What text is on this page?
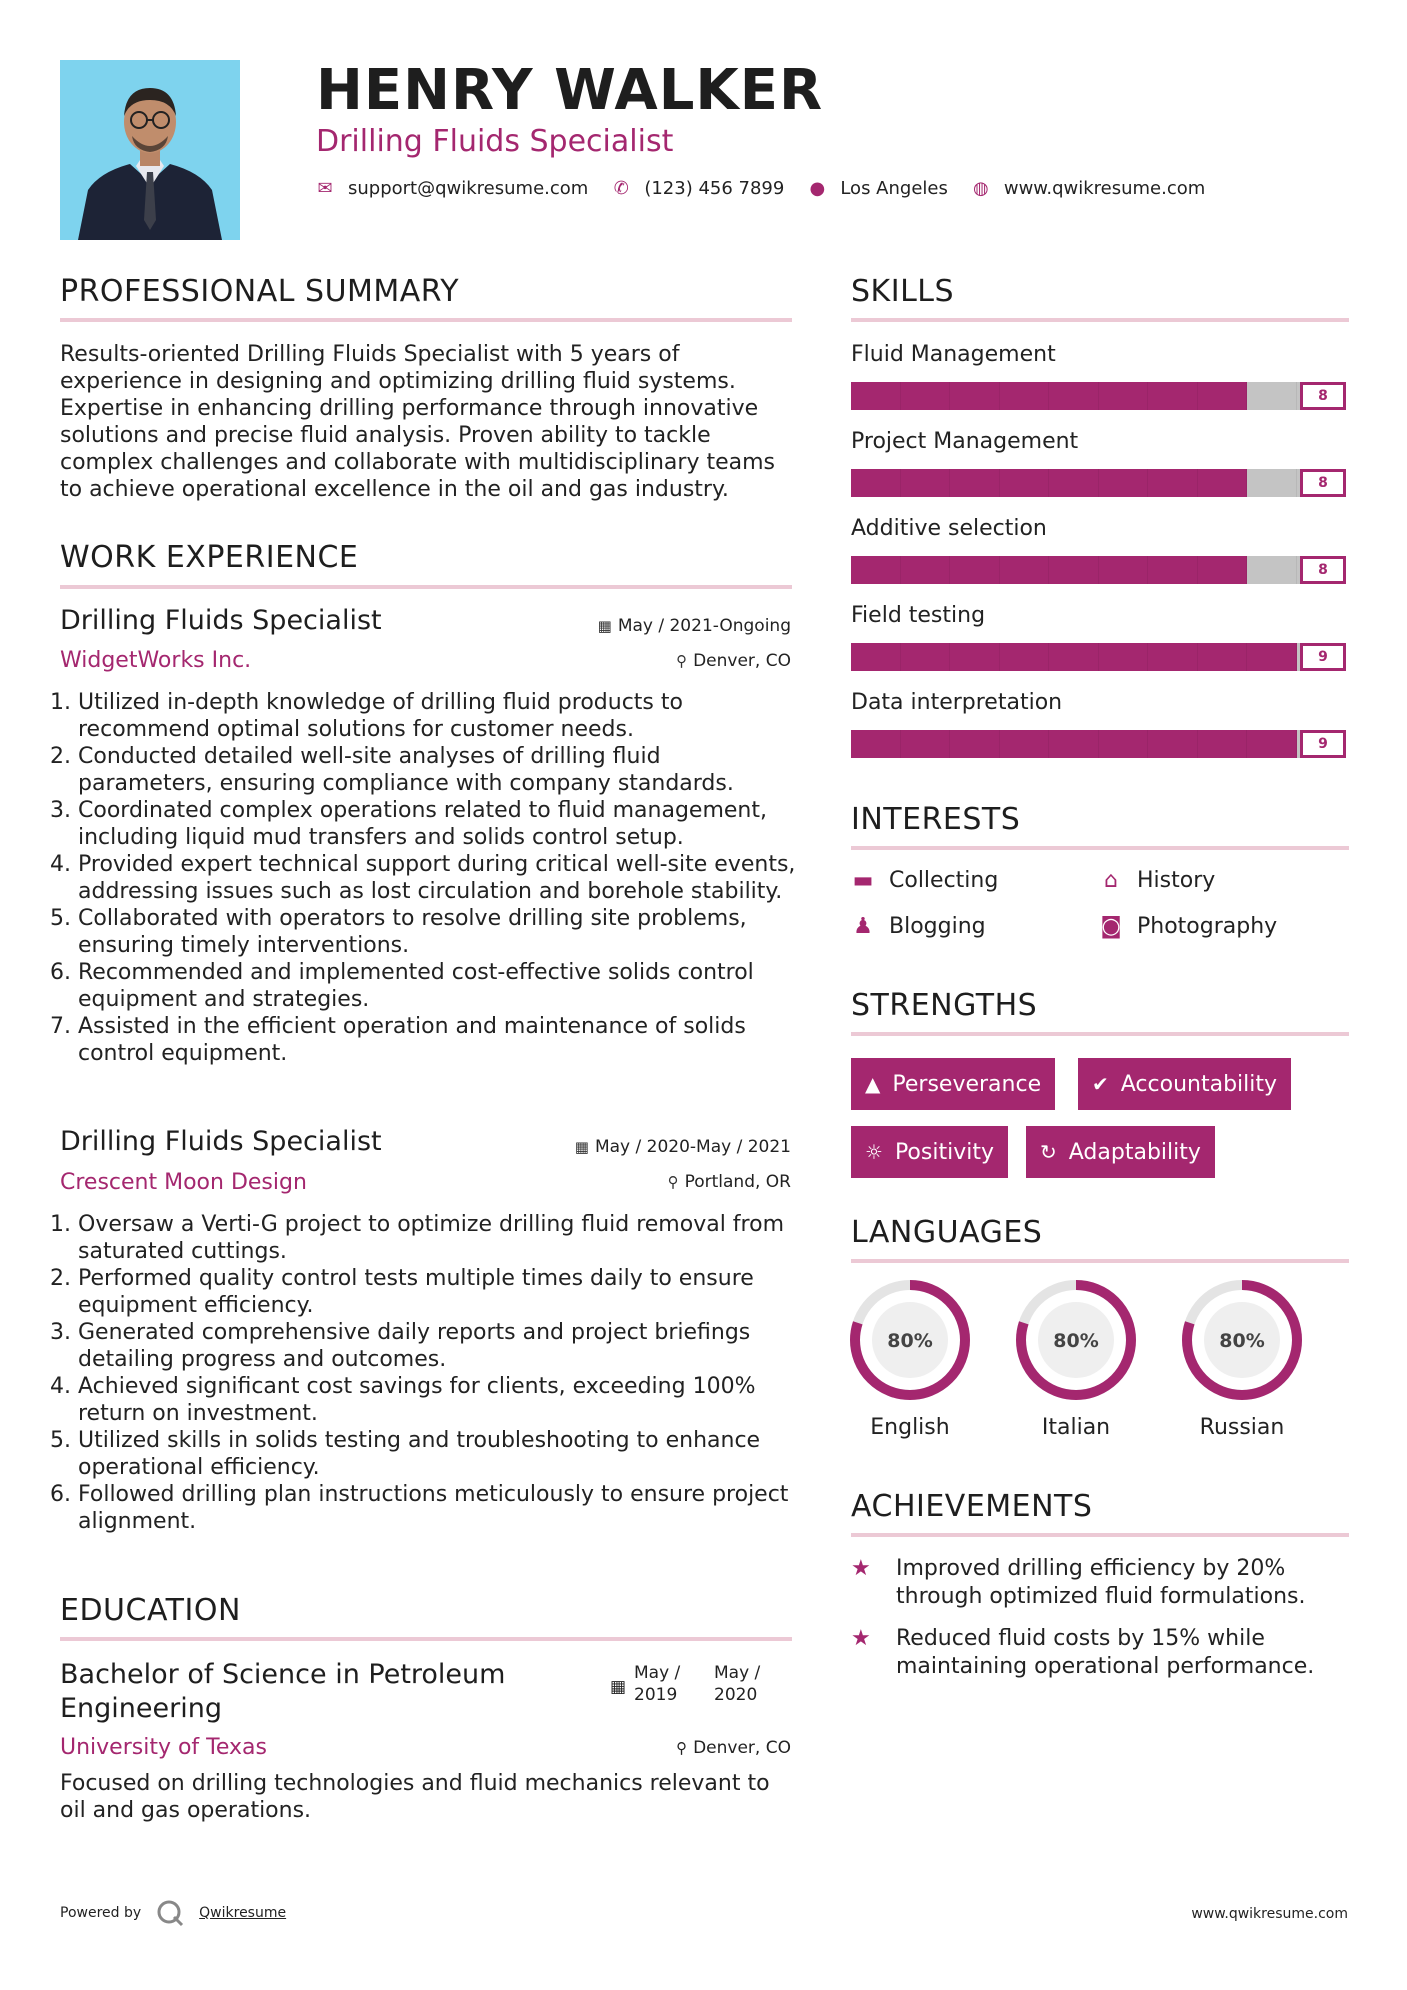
HENRY WALKER
Drilling Fluids Specialist
✉ support@qwikresume.com ✆ (123) 456 7899 ● Los Angeles ◍ www.qwikresume.com
PROFESSIONAL SUMMARY
Results-oriented Drilling Fluids Specialist with 5 years of experience in designing and optimizing drilling fluid systems. Expertise in enhancing drilling performance through innovative solutions and precise fluid analysis. Proven ability to tackle complex challenges and collaborate with multidisciplinary teams to achieve operational excellence in the oil and gas industry.
WORK EXPERIENCE
Drilling Fluids Specialist	▦ May / 2021-Ongoing
WidgetWorks Inc.	⚲ Denver, CO
1. Utilized in-depth knowledge of drilling fluid products to recommend optimal solutions for customer needs.
2. Conducted detailed well-site analyses of drilling fluid parameters, ensuring compliance with company standards.
3. Coordinated complex operations related to fluid management, including liquid mud transfers and solids control setup.
4. Provided expert technical support during critical well-site events, addressing issues such as lost circulation and borehole stability.
5. Collaborated with operators to resolve drilling site problems, ensuring timely interventions.
6. Recommended and implemented cost-effective solids control equipment and strategies.
7. Assisted in the efficient operation and maintenance of solids control equipment.
Drilling Fluids Specialist	▦ May / 2020-May / 2021
Crescent Moon Design	⚲ Portland, OR
1. Oversaw a Verti-G project to optimize drilling fluid removal from saturated cuttings.
2. Performed quality control tests multiple times daily to ensure equipment efficiency.
3. Generated comprehensive daily reports and project briefings detailing progress and outcomes.
4. Achieved significant cost savings for clients, exceeding 100% return on investment.
5. Utilized skills in solids testing and troubleshooting to enhance operational efficiency.
6. Followed drilling plan instructions meticulously to ensure project alignment.
EDUCATION
Bachelor of Science in Petroleum Engineering
▦
May /
2019
May /
2020
University of Texas	⚲ Denver, CO
Focused on drilling technologies and fluid mechanics relevant to oil and gas operations.
SKILLS
Fluid Management
8
Project Management
8
Additive selection
8
Field testing
9
Data interpretation
9
INTERESTS
▬ Collecting	⌂ History
♟ Blogging	◙ Photography
STRENGTHS
▲ Perseverance	✔ Accountability
☼ Positivity ↻ Adaptability
LANGUAGES
80%
English
80%
Italian
80%
Russian
ACHIEVEMENTS
★	Improved drilling efficiency by 20% through optimized fluid formulations.
★	Reduced fluid costs by 15% while maintaining operational performance.
Powered by	Qwikresume	www.qwikresume.com
